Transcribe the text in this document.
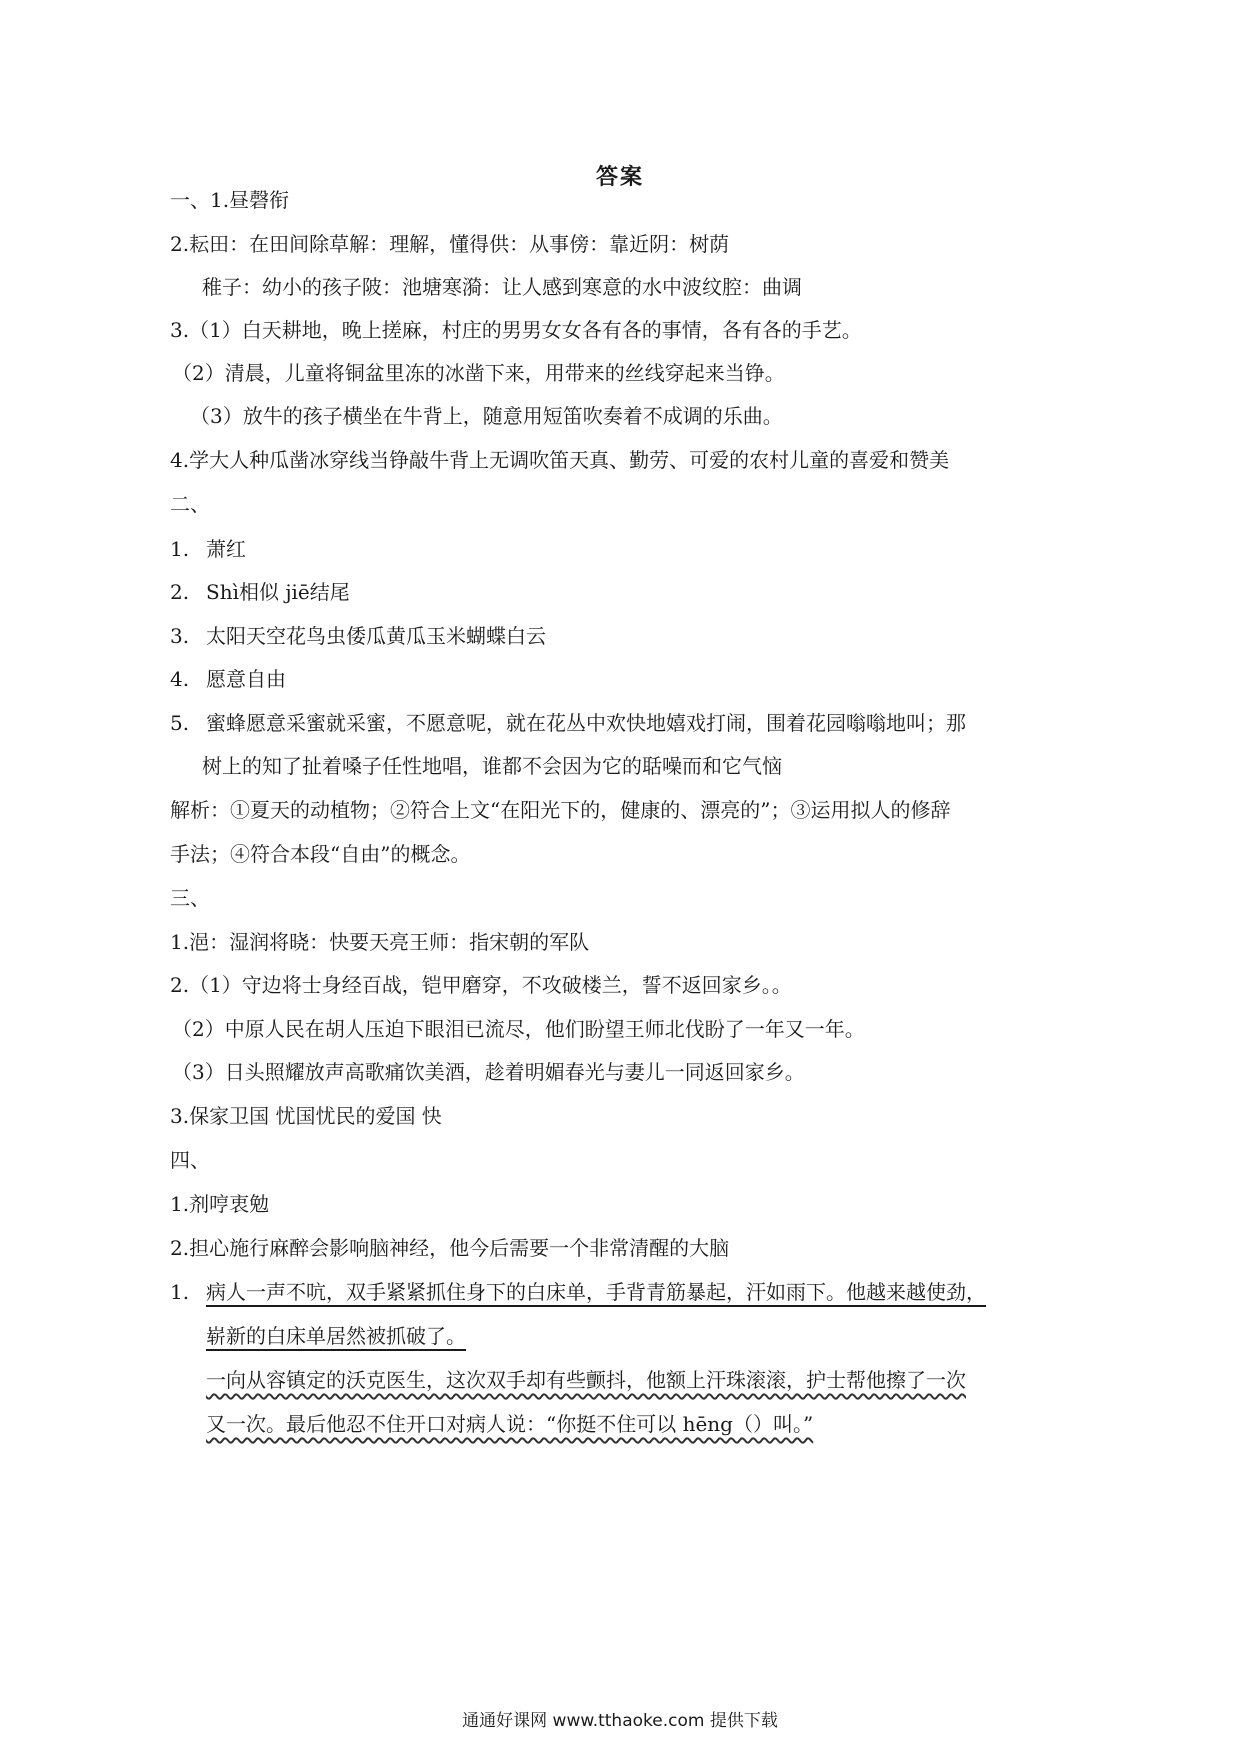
答案
一、1.昼磬衔
2.耘田：在田间除草解：理解，懂得供：从事傍：靠近阴：树荫
稚子：幼小的孩子陂：池塘寒漪：让人感到寒意的水中波纹腔：曲调
3.（1）白天耕地，晚上搓麻，村庄的男男女女各有各的事情，各有各的手艺。
（2）清晨，儿童将铜盆里冻的冰凿下来，用带来的丝线穿起来当铮。
（3）放牛的孩子横坐在牛背上，随意用短笛吹奏着不成调的乐曲。
4.学大人种瓜凿冰穿线当铮敲牛背上无调吹笛天真、勤劳、可爱的农村儿童的喜爱和赞美
二、
1. 萧红
2. Shì相似 jiē结尾
3. 太阳天空花鸟虫倭瓜黄瓜玉米蝴蝶白云
4. 愿意自由
5. 蜜蜂愿意采蜜就采蜜，不愿意呢，就在花丛中欢快地嬉戏打闹，围着花园嗡嗡地叫；那
树上的知了扯着嗓子任性地唱，谁都不会因为它的聒噪而和它气恼
解析：①夏天的动植物；②符合上文“在阳光下的，健康的、漂亮的”；③运用拟人的修辞
手法；④符合本段“自由”的概念。
三、
1.浥：湿润将晓：快要天亮王师：指宋朝的军队
2.（1）守边将士身经百战，铠甲磨穿，不攻破楼兰，誓不返回家乡。。
（2）中原人民在胡人压迫下眼泪已流尽，他们盼望王师北伐盼了一年又一年。
（3）日头照耀放声高歌痛饮美酒，趁着明媚春光与妻儿一同返回家乡。
3.保家卫国 忧国忧民的爱国 快
四、
1.剂哼衷勉
2.担心施行麻醉会影响脑神经，他今后需要一个非常清醒的大脑
1. 病人一声不吭，双手紧紧抓住身下的白床单，手背青筋暴起，汗如雨下。他越来越使劲，
崭新的白床单居然被抓破了。
一向从容镇定的沃克医生，这次双手却有些颤抖，他额上汗珠滚滚，护士帮他擦了一次
又一次。最后他忍不住开口对病人说：“你挺不住可以 hēng（）叫。”
通通好课网 www.tthaoke.com 提供下载
